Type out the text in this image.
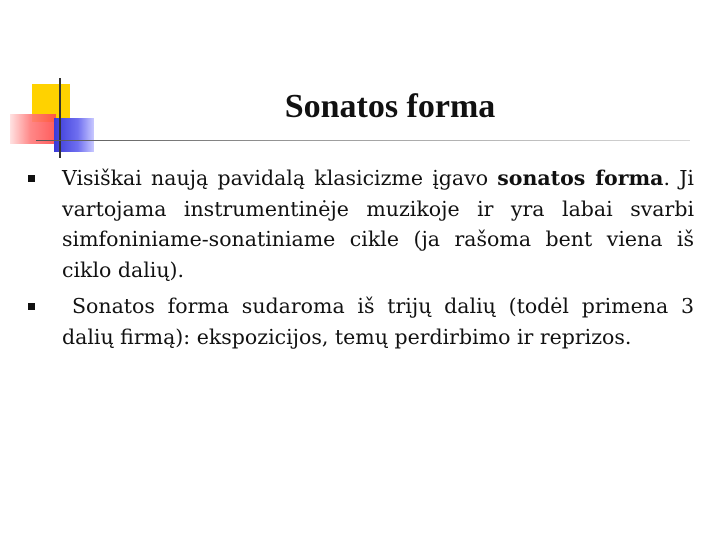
Sonatos forma
Visiškai naują pavidalą klasicizme įgavo sonatos forma. Ji vartojama instrumentinėje muzikoje ir yra labai svarbi simfoniniame-sonatiniame cikle (ja rašoma bent viena iš ciklo dalių).
Sonatos forma sudaroma iš trijų dalių (todėl primena 3 dalių firmą): ekspozicijos, temų perdirbimo ir reprizos.
